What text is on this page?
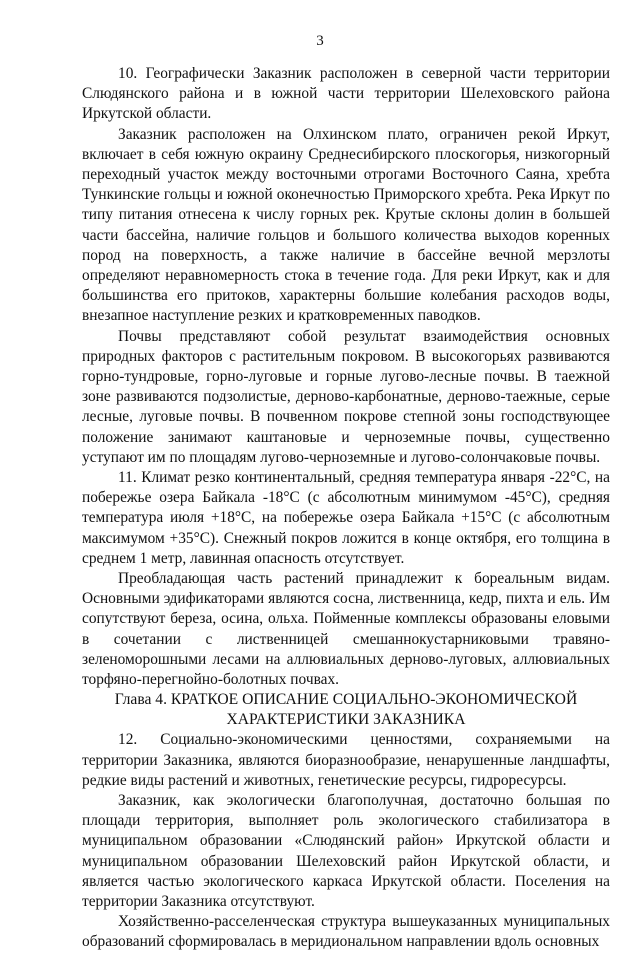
3

10. Географически Заказник расположен в северной части территории Слюдянского района и в южной части территории Шелеховского района Иркутской области.

Заказник расположен на Олхинском плато, ограничен рекой Иркут, включает в себя южную окраину Среднесибирского плоскогорья, низкогорный переходный участок между восточными отрогами Восточного Саяна, хребта Тункинские гольцы и южной оконечностью Приморского хребта. Река Иркут по типу питания отнесена к числу горных рек. Крутые склоны долин в большей части бассейна, наличие гольцов и большого количества выходов коренных пород на поверхность, а также наличие в бассейне вечной мерзлоты определяют неравномерность стока в течение года. Для реки Иркут, как и для большинства его притоков, характерны большие колебания расходов воды, внезапное наступление резких и кратковременных паводков.

Почвы представляют собой результат взаимодействия основных природных факторов с растительным покровом. В высокогорьях развиваются горно-тундровые, горно-луговые и горные лугово-лесные почвы. В таежной зоне развиваются подзолистые, дерново-карбонатные, дерново-таежные, серые лесные, луговые почвы. В почвенном покрове степной зоны господствующее положение занимают каштановые и черноземные почвы, существенно уступают им по площадям лугово-черноземные и лугово-солончаковые почвы.

11. Климат резко континентальный, средняя температура января -22°С, на побережье озера Байкала -18°С (с абсолютным минимумом -45°С), средняя температура июля +18°С, на побережье озера Байкала +15°С (с абсолютным максимумом +35°С). Снежный покров ложится в конце октября, его толщина в среднем 1 метр, лавинная опасность отсутствует.

Преобладающая часть растений принадлежит к бореальным видам. Основными эдификаторами являются сосна, лиственница, кедр, пихта и ель. Им сопутствуют береза, осина, ольха. Пойменные комплексы образованы еловыми в сочетании с лиственницей смешаннокустарниковыми травяно-зеленоморошными лесами на аллювиальных дерново-луговых, аллювиальных торфяно-перегнойно-болотных почвах.

Глава 4. КРАТКОЕ ОПИСАНИЕ СОЦИАЛЬНО-ЭКОНОМИЧЕСКОЙ ХАРАКТЕРИСТИКИ ЗАКАЗНИКА

12. Социально-экономическими ценностями, сохраняемыми на территории Заказника, являются биоразнообразие, ненарушенные ландшафты, редкие виды растений и животных, генетические ресурсы, гидроресурсы.

Заказник, как экологически благополучная, достаточно большая по площади территория, выполняет роль экологического стабилизатора в муниципальном образовании «Слюдянский район» Иркутской области и муниципальном образовании Шелеховский район Иркутской области, и является частью экологического каркаса Иркутской области. Поселения на территории Заказника отсутствуют.

Хозяйственно-расселенческая структура вышеуказанных муниципальных образований сформировалась в меридиональном направлении вдоль основных
